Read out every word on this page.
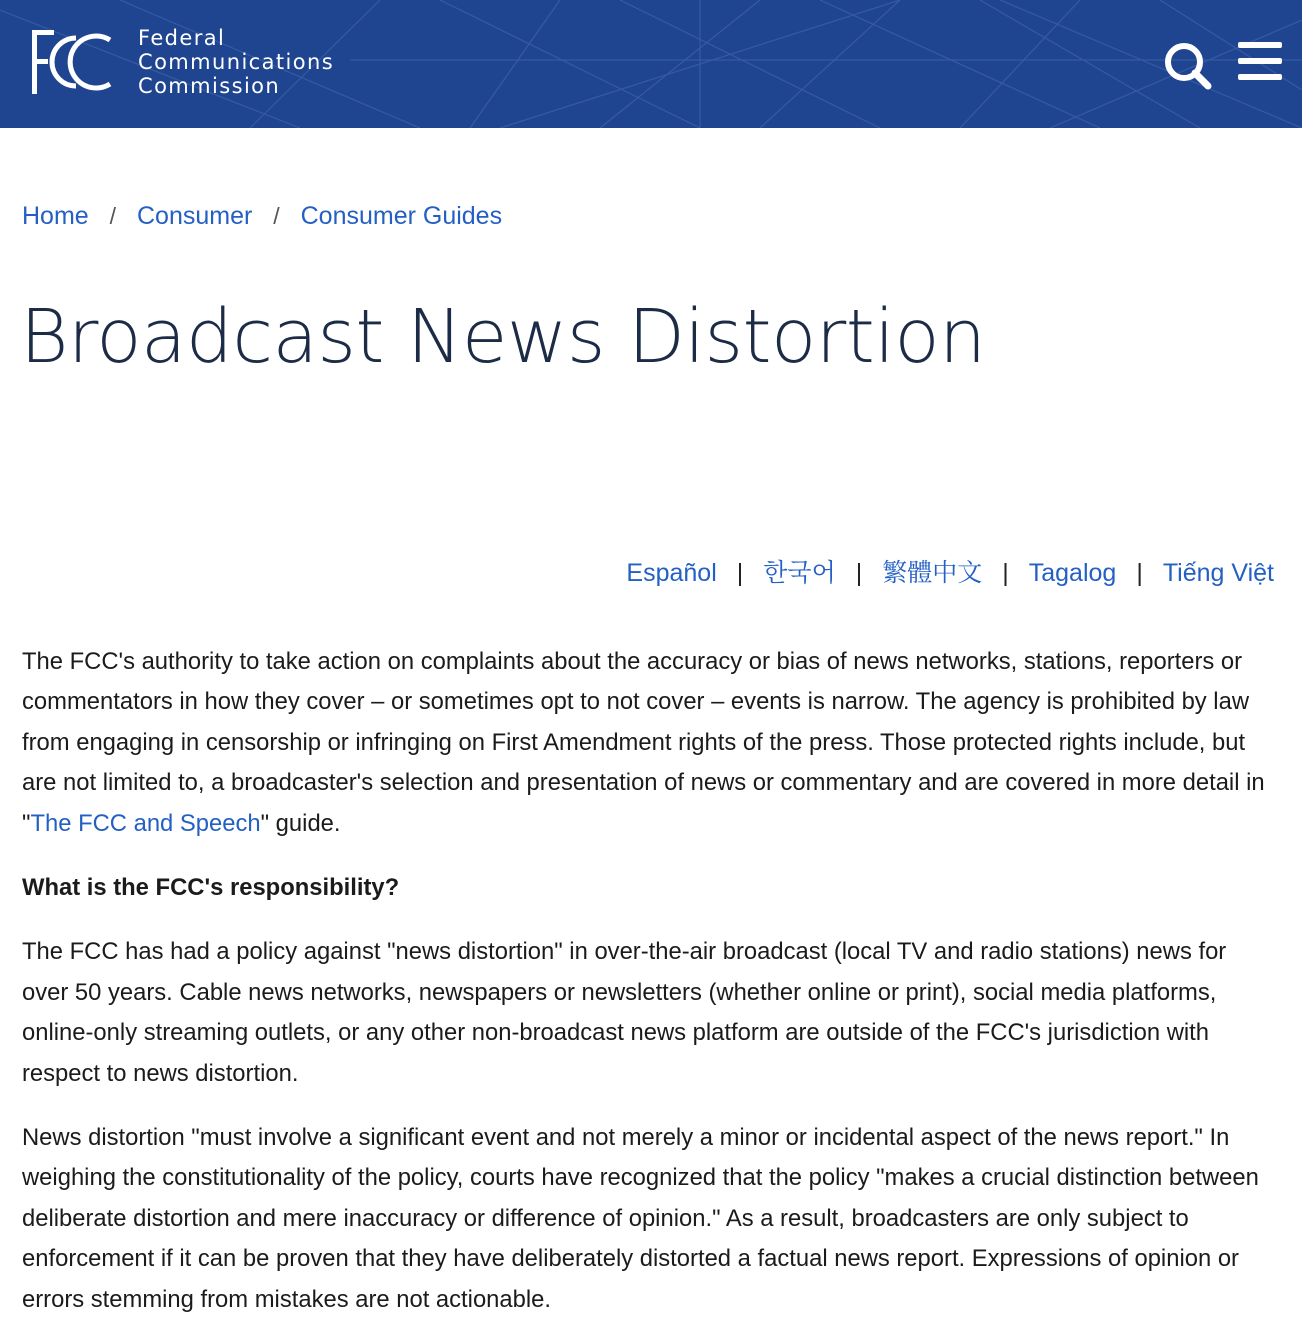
Federal
Communications
Commission
Home / Consumer / Consumer Guides
Broadcast News Distortion
Español | 한국어 | 繁體中文 | Tagalog | Tiếng Việt

The FCC's authority to take action on complaints about the accuracy or bias of news networks, stations, reporters or commentators in how they cover – or sometimes opt to not cover – events is narrow. The agency is prohibited by law from engaging in censorship or infringing on First Amendment rights of the press. Those protected rights include, but are not limited to, a broadcaster's selection and presentation of news or commentary and are covered in more detail in "The FCC and Speech" guide.

What is the FCC's responsibility?

The FCC has had a policy against "news distortion" in over-the-air broadcast (local TV and radio stations) news for over 50 years. Cable news networks, newspapers or newsletters (whether online or print), social media platforms, online-only streaming outlets, or any other non-broadcast news platform are outside of the FCC's jurisdiction with respect to news distortion.

News distortion "must involve a significant event and not merely a minor or incidental aspect of the news report." In weighing the constitutionality of the policy, courts have recognized that the policy "makes a crucial distinction between deliberate distortion and mere inaccuracy or difference of opinion." As a result, broadcasters are only subject to enforcement if it can be proven that they have deliberately distorted a factual news report. Expressions of opinion or errors stemming from mistakes are not actionable.
